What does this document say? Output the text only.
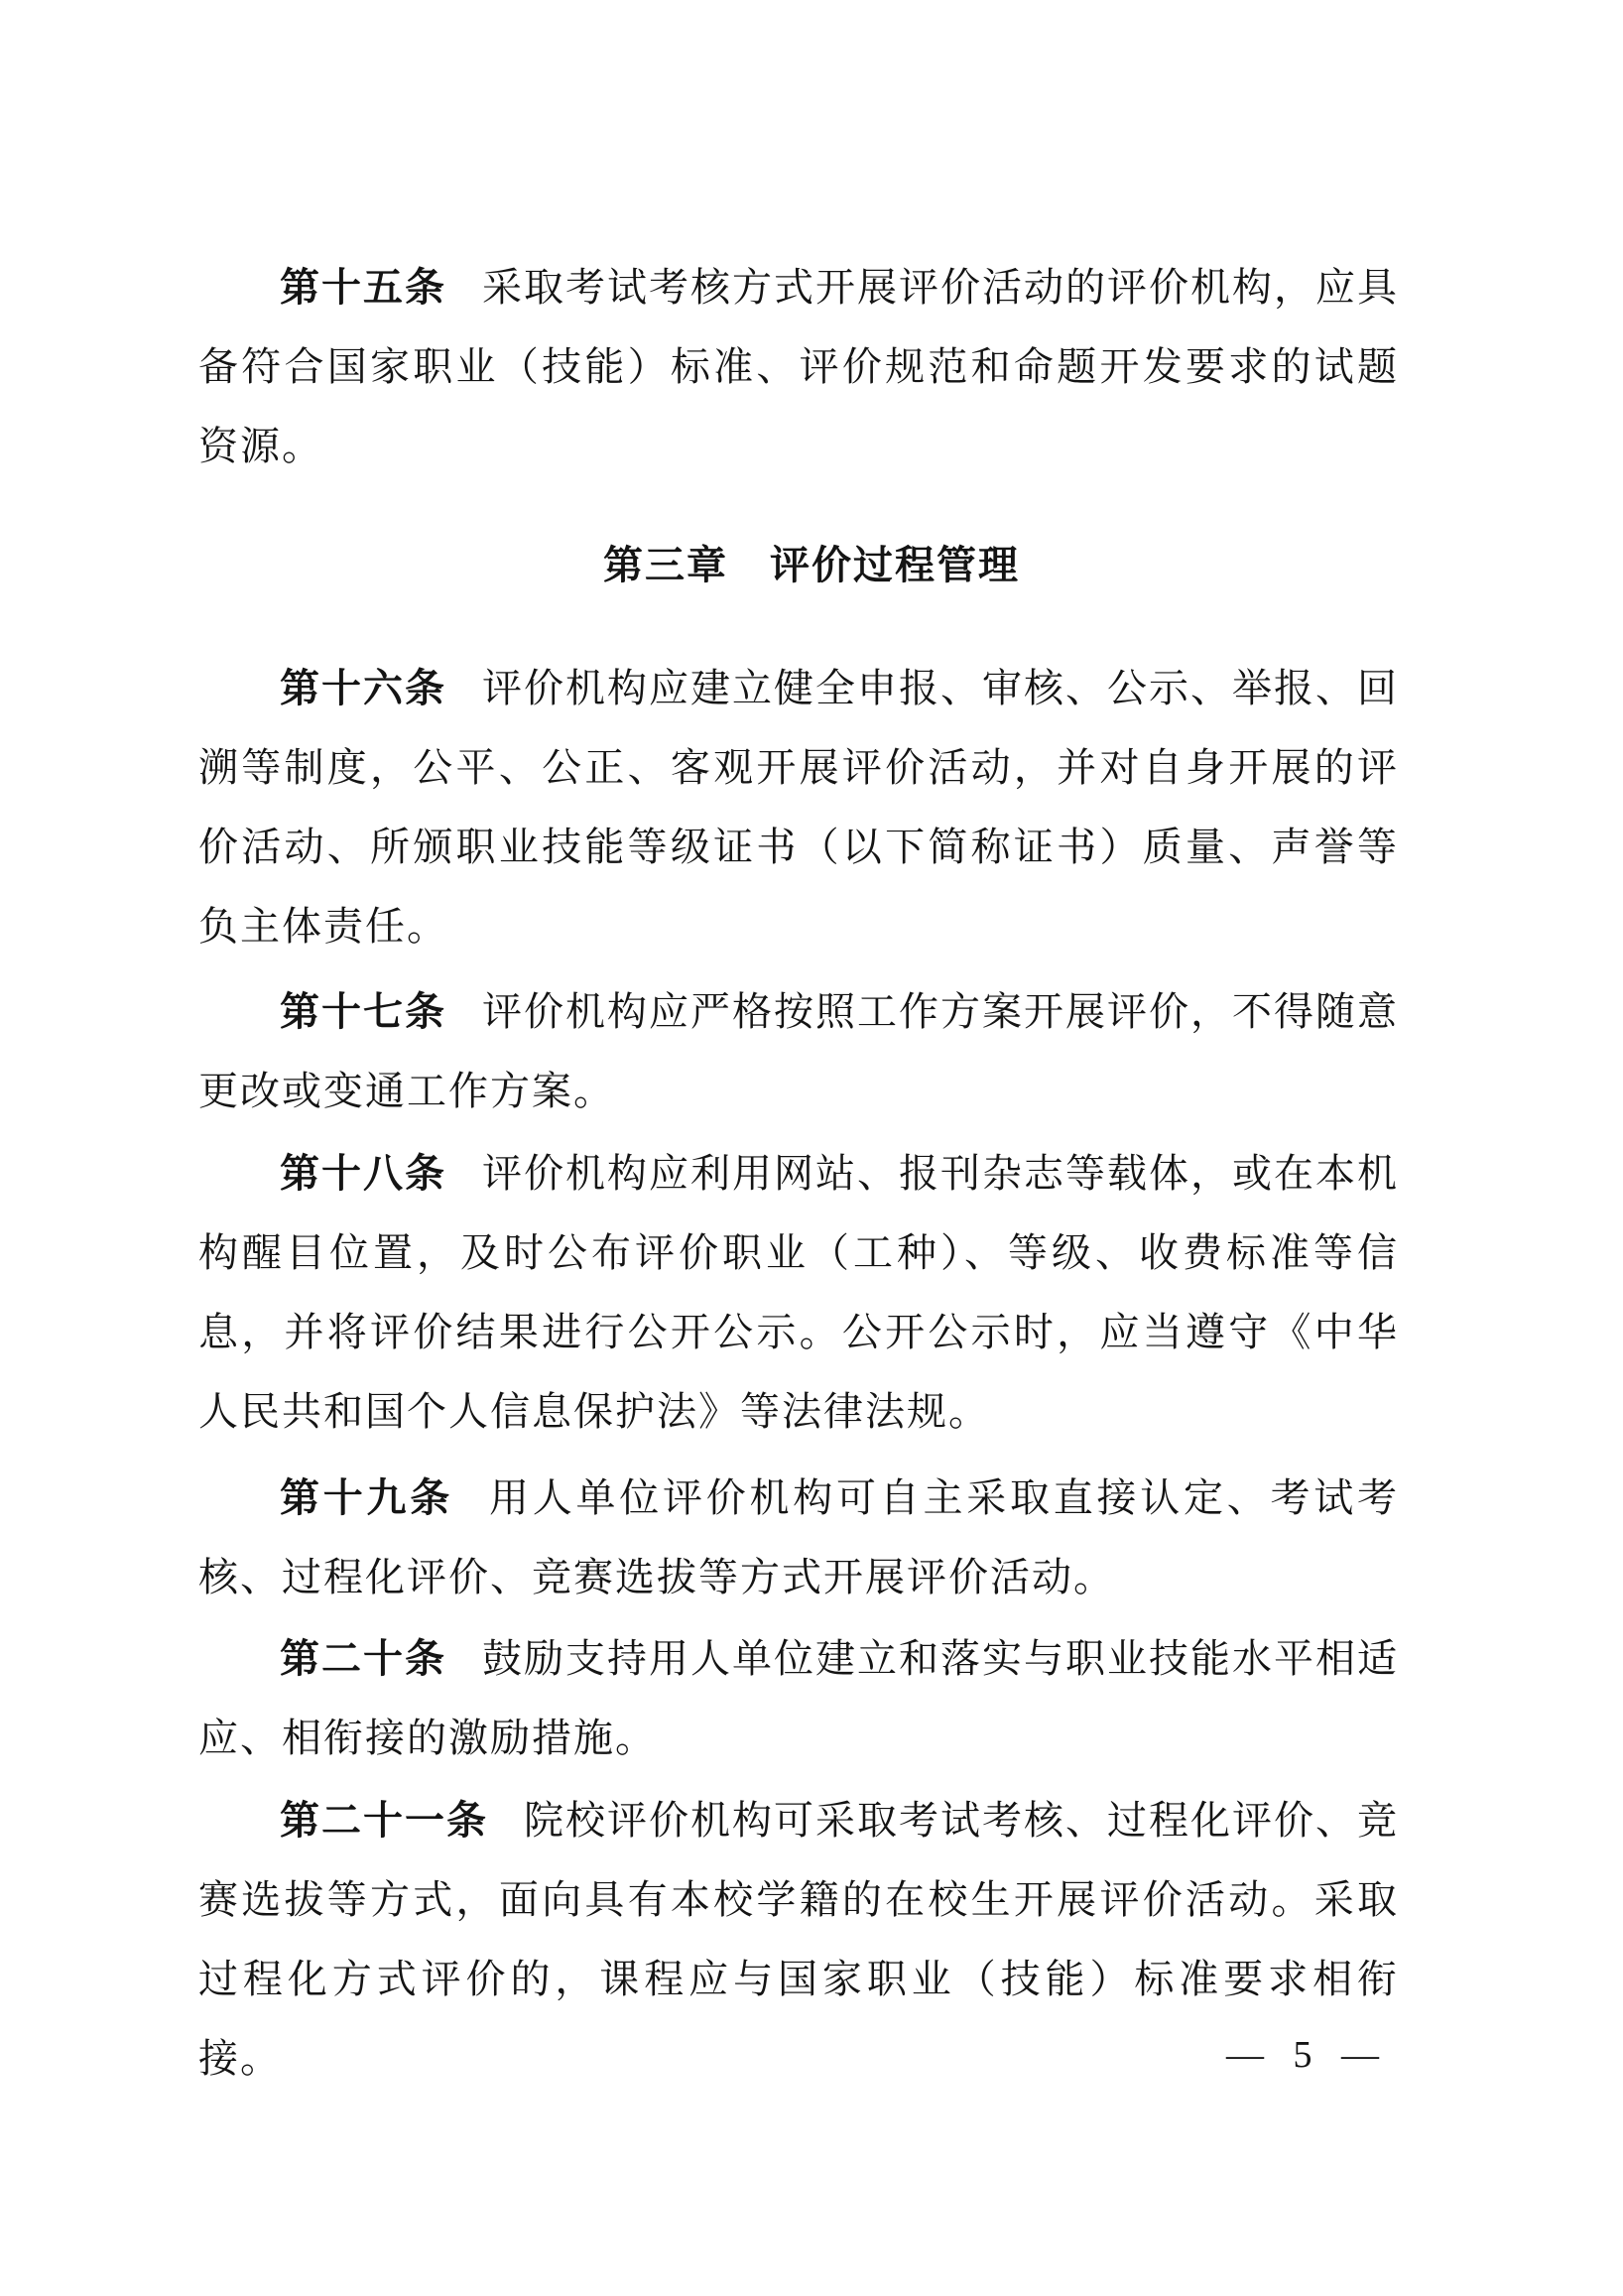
第十五条 采取考试考核方式开展评价活动的评价机构，应具备符合国家职业（技能）标准、评价规范和命题开发要求的试题资源。

第三章 评价过程管理

第十六条 评价机构应建立健全申报、审核、公示、举报、回溯等制度，公平、公正、客观开展评价活动，并对自身开展的评价活动、所颁职业技能等级证书（以下简称证书）质量、声誉等负主体责任。

第十七条 评价机构应严格按照工作方案开展评价，不得随意更改或变通工作方案。

第十八条 评价机构应利用网站、报刊杂志等载体，或在本机构醒目位置，及时公布评价职业（工种）、等级、收费标准等信息，并将评价结果进行公开公示。公开公示时，应当遵守《中华人民共和国个人信息保护法》等法律法规。

第十九条 用人单位评价机构可自主采取直接认定、考试考核、过程化评价、竞赛选拔等方式开展评价活动。

第二十条 鼓励支持用人单位建立和落实与职业技能水平相适应、相衔接的激励措施。

第二十一条 院校评价机构可采取考试考核、过程化评价、竞赛选拔等方式，面向具有本校学籍的在校生开展评价活动。采取过程化方式评价的，课程应与国家职业（技能）标准要求相衔接。	— 5 —
